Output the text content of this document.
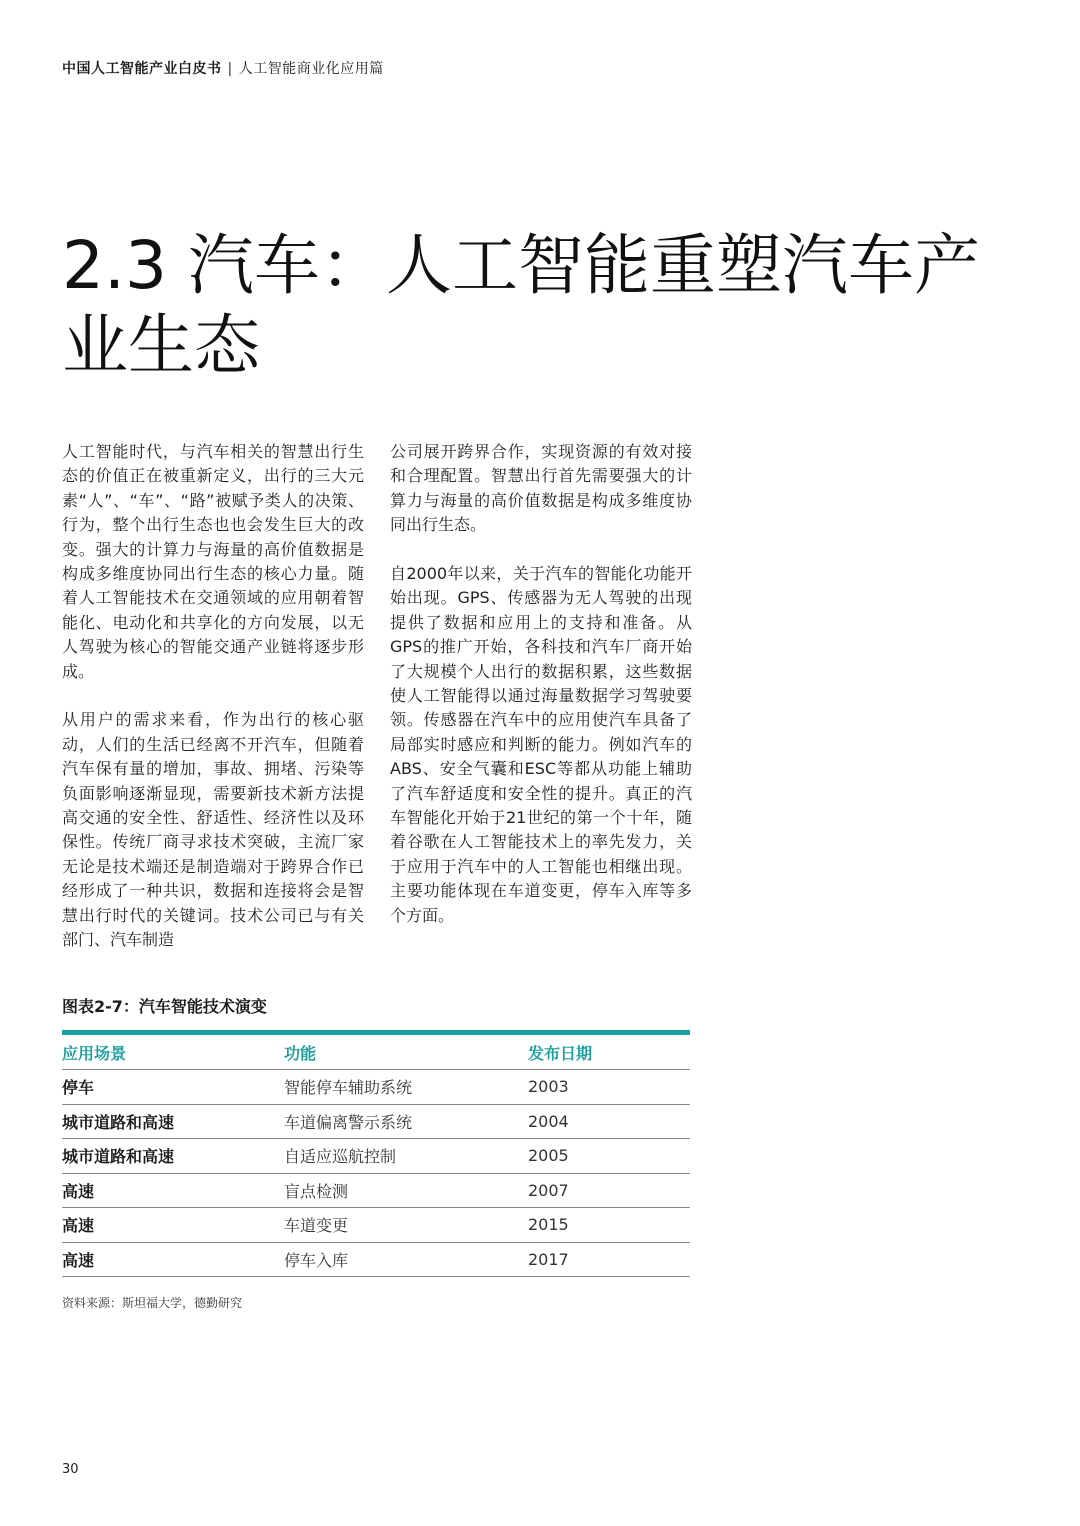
中国人工智能产业白皮书 | 人工智能商业化应用篇
2.3 汽车：人工智能重塑汽车产业生态

人工智能时代，与汽车相关的智慧出行生态的价值正在被重新定义，出行的三大元素“人”、“车”、“路”被赋予类人的决策、行为，整个出行生态也也会发生巨大的改变。强大的计算力与海量的高价值数据是构成多维度协同出行生态的核心力量。随着人工智能技术在交通领域的应用朝着智能化、电动化和共享化的方向发展，以无人驾驶为核心的智能交通产业链将逐步形成。

从用户的需求来看，作为出行的核心驱动，人们的生活已经离不开汽车，但随着汽车保有量的增加，事故、拥堵、污染等负面影响逐渐显现，需要新技术新方法提高交通的安全性、舒适性、经济性以及环保性。传统厂商寻求技术突破，主流厂家无论是技术端还是制造端对于跨界合作已经形成了一种共识，数据和连接将会是智慧出行时代的关键词。技术公司已与有关部门、汽车制造

公司展开跨界合作，实现资源的有效对接和合理配置。智慧出行首先需要强大的计算力与海量的高价值数据是构成多维度协同出行生态。

自2000年以来，关于汽车的智能化功能开始出现。GPS、传感器为无人驾驶的出现提供了数据和应用上的支持和准备。从GPS的推广开始，各科技和汽车厂商开始了大规模个人出行的数据积累，这些数据使人工智能得以通过海量数据学习驾驶要领。传感器在汽车中的应用使汽车具备了局部实时感应和判断的能力。例如汽车的ABS、安全气囊和ESC等都从功能上辅助了汽车舒适度和安全性的提升。真正的汽车智能化开始于21世纪的第一个十年，随着谷歌在人工智能技术上的率先发力，关于应用于汽车中的人工智能也相继出现。主要功能体现在车道变更，停车入库等多个方面。

图表2-7：汽车智能技术演变
应用场景	功能	发布日期
停车	智能停车辅助系统	2003
城市道路和高速	车道偏离警示系统	2004
城市道路和高速	自适应巡航控制	2005
高速	盲点检测	2007
高速	车道变更	2015
高速	停车入库	2017
资料来源：斯坦福大学，德勤研究
30
